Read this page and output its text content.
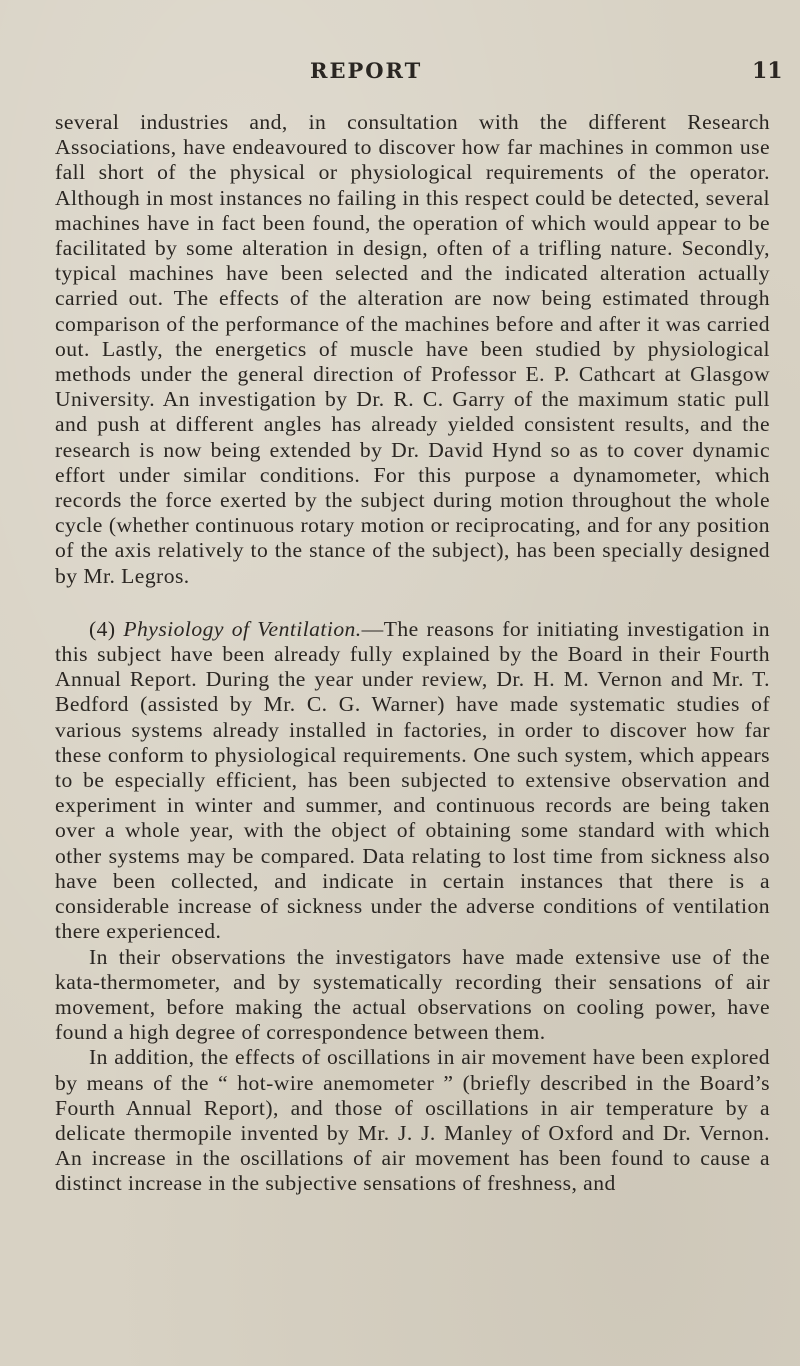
REPORT	11

several industries and, in consultation with the different Research Associations, have endeavoured to discover how far machines in common use fall short of the physical or physiological requirements of the operator. Although in most instances no failing in this respect could be detected, several machines have in fact been found, the operation of which would appear to be facilitated by some alteration in design, often of a trifling nature. Secondly, typical machines have been selected and the indicated alteration actually carried out. The effects of the alteration are now being estimated through comparison of the performance of the machines before and after it was carried out. Lastly, the energetics of muscle have been studied by physiological methods under the general direction of Professor E. P. Cathcart at Glasgow University. An investigation by Dr. R. C. Garry of the maximum static pull and push at different angles has already yielded consistent results, and the research is now being extended by Dr. David Hynd so as to cover dynamic effort under similar conditions. For this purpose a dynamometer, which records the force exerted by the subject during motion throughout the whole cycle (whether continuous rotary motion or reciprocating, and for any position of the axis relatively to the stance of the subject), has been specially designed by Mr. Legros.

(4) Physiology of Ventilation.—The reasons for initiating investigation in this subject have been already fully explained by the Board in their Fourth Annual Report. During the year under review, Dr. H. M. Vernon and Mr. T. Bedford (assisted by Mr. C. G. Warner) have made systematic studies of various systems already installed in factories, in order to discover how far these conform to physiological requirements. One such system, which appears to be especially efficient, has been subjected to extensive observation and experiment in winter and summer, and continuous records are being taken over a whole year, with the object of obtaining some standard with which other systems may be compared. Data relating to lost time from sickness also have been collected, and indicate in certain instances that there is a considerable increase of sickness under the adverse conditions of ventilation there experienced.

In their observations the investigators have made extensive use of the kata-thermometer, and by systematically recording their sensations of air movement, before making the actual observations on cooling power, have found a high degree of correspondence between them.

In addition, the effects of oscillations in air movement have been explored by means of the “ hot-wire anemometer ” (briefly described in the Board’s Fourth Annual Report), and those of oscillations in air temperature by a delicate thermopile invented by Mr. J. J. Manley of Oxford and Dr. Vernon. An increase in the oscillations of air movement has been found to cause a distinct increase in the subjective sensations of freshness, and
